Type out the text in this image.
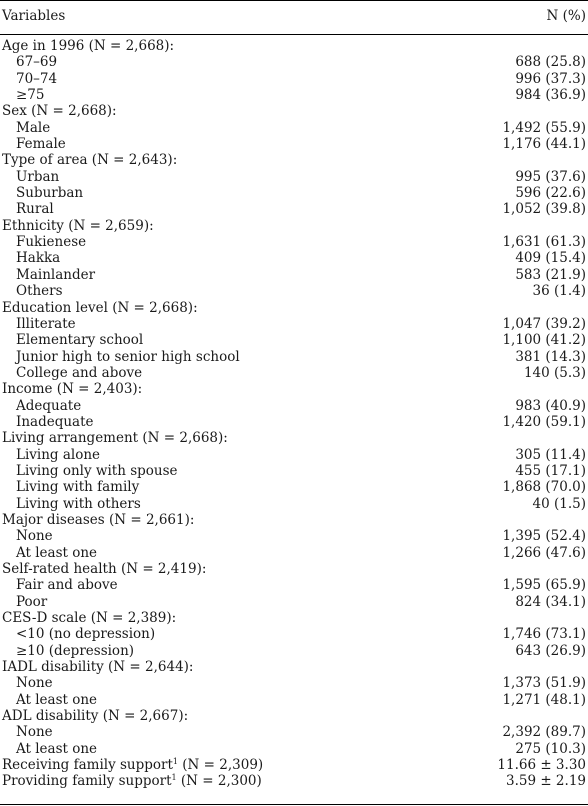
Variables	N (%)
Age in 1996 (N = 2,668):
67–69	688 (25.8)
70–74	996 (37.3)
≥75	984 (36.9)
Sex (N = 2,668):
Male	1,492 (55.9)
Female	1,176 (44.1)
Type of area (N = 2,643):
Urban	995 (37.6)
Suburban	596 (22.6)
Rural	1,052 (39.8)
Ethnicity (N = 2,659):
Fukienese	1,631 (61.3)
Hakka	409 (15.4)
Mainlander	583 (21.9)
Others	36 (1.4)
Education level (N = 2,668):
Illiterate	1,047 (39.2)
Elementary school	1,100 (41.2)
Junior high to senior high school	381 (14.3)
College and above	140 (5.3)
Income (N = 2,403):
Adequate	983 (40.9)
Inadequate	1,420 (59.1)
Living arrangement (N = 2,668):
Living alone	305 (11.4)
Living only with spouse	455 (17.1)
Living with family	1,868 (70.0)
Living with others	40 (1.5)
Major diseases (N = 2,661):
None	1,395 (52.4)
At least one	1,266 (47.6)
Self-rated health (N = 2,419):
Fair and above	1,595 (65.9)
Poor	824 (34.1)
CES-D scale (N = 2,389):
<10 (no depression)	1,746 (73.1)
≥10 (depression)	643 (26.9)
IADL disability (N = 2,644):
None	1,373 (51.9)
At least one	1,271 (48.1)
ADL disability (N = 2,667):
None	2,392 (89.7)
At least one	275 (10.3)
Receiving family support$^1$ (N = 2,309)	11.66 ± 3.30
Providing family support$^1$ (N = 2,300)	3.59 ± 2.19
